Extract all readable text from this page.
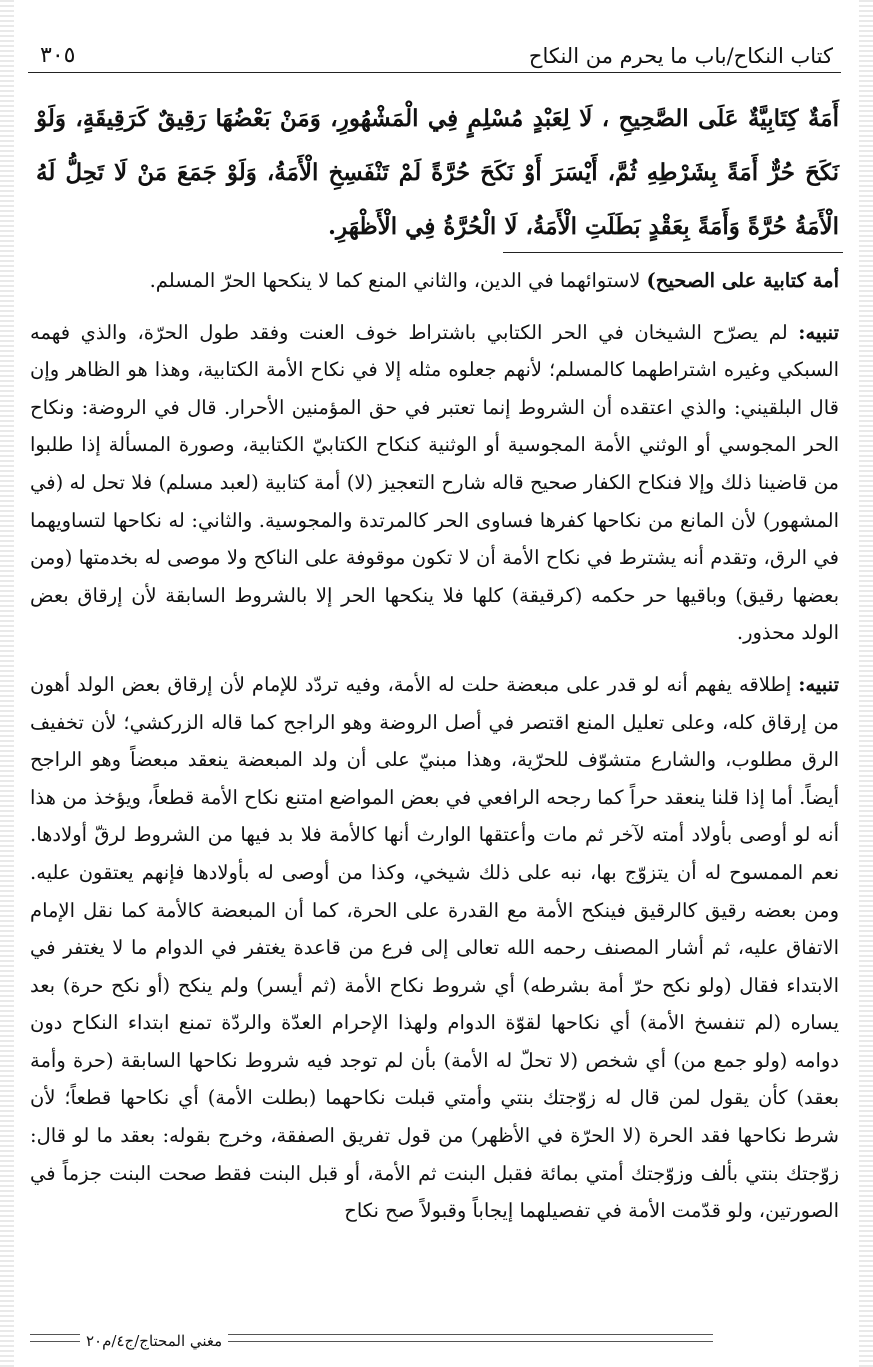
كتاب النكاح/باب ما يحرم من النكاح
٣٠٥

أَمَةٌ كِتَابِيَّةٌ عَلَى الصَّحِيحِ ، لَا لِعَبْدٍ مُسْلِمٍ فِي الْمَشْهُورِ، وَمَنْ بَعْضُهَا رَقِيقٌ كَرَقِيقَةٍ، وَلَوْ نَكَحَ حُرٌّ أَمَةً بِشَرْطِهِ ثُمَّ، أَيْسَرَ أَوْ نَكَحَ حُرَّةً لَمْ تَنْفَسِخِ الْأَمَةُ، وَلَوْ جَمَعَ مَنْ لَا تَحِلُّ لَهُ الْأَمَةُ حُرَّةً وَأَمَةً بِعَقْدٍ بَطَلَتِ الْأَمَةُ، لَا الْحُرَّةُ فِي الْأَظْهَرِ.

أمة كتابية على الصحيح) لاستوائهما في الدين، والثاني المنع كما لا ينكحها الحرّ المسلم.

تنبيه: لم يصرّح الشيخان في الحر الكتابي باشتراط خوف العنت وفقد طول الحرّة، والذي فهمه السبكي وغيره اشتراطهما كالمسلم؛ لأنهم جعلوه مثله إلا في نكاح الأمة الكتابية، وهذا هو الظاهر وإن قال البلقيني: والذي اعتقده أن الشروط إنما تعتبر في حق المؤمنين الأحرار. قال في الروضة: ونكاح الحر المجوسي أو الوثني الأمة المجوسية أو الوثنية كنكاح الكتابيّ الكتابية، وصورة المسألة إذا طلبوا من قاضينا ذلك وإلا فنكاح الكفار صحيح قاله شارح التعجيز (لا) أمة كتابية (لعبد مسلم) فلا تحل له (في المشهور) لأن المانع من نكاحها كفرها فساوى الحر كالمرتدة والمجوسية. والثاني: له نكاحها لتساويهما في الرق، وتقدم أنه يشترط في نكاح الأمة أن لا تكون موقوفة على الناكح ولا موصى له بخدمتها (ومن بعضها رقيق) وباقيها حر حكمه (كرقيقة) كلها فلا ينكحها الحر إلا بالشروط السابقة لأن إرقاق بعض الولد محذور.

تنبيه: إطلاقه يفهم أنه لو قدر على مبعضة حلت له الأمة، وفيه تردّد للإمام لأن إرقاق بعض الولد أهون من إرقاق كله، وعلى تعليل المنع اقتصر في أصل الروضة وهو الراجح كما قاله الزركشي؛ لأن تخفيف الرق مطلوب، والشارع متشوّف للحرّية، وهذا مبنيّ على أن ولد المبعضة ينعقد مبعضاً وهو الراجح أيضاً. أما إذا قلنا ينعقد حراً كما رجحه الرافعي في بعض المواضع امتنع نكاح الأمة قطعاً، ويؤخذ من هذا أنه لو أوصى بأولاد أمته لآخر ثم مات وأعتقها الوارث أنها كالأمة فلا بد فيها من الشروط لرقّ أولادها. نعم الممسوح له أن يتزوّج بها، نبه على ذلك شيخي، وكذا من أوصى له بأولادها فإنهم يعتقون عليه. ومن بعضه رقيق كالرقيق فينكح الأمة مع القدرة على الحرة، كما أن المبعضة كالأمة كما نقل الإمام الاتفاق عليه، ثم أشار المصنف رحمه الله تعالى إلى فرع من قاعدة يغتفر في الدوام ما لا يغتفر في الابتداء فقال (ولو نكح حرّ أمة بشرطه) أي شروط نكاح الأمة (ثم أيسر) ولم ينكح (أو نكح حرة) بعد يساره (لم تنفسخ الأمة) أي نكاحها لقوّة الدوام ولهذا الإحرام العدّة والردّة تمنع ابتداء النكاح دون دوامه (ولو جمع من) أي شخص (لا تحلّ له الأمة) بأن لم توجد فيه شروط نكاحها السابقة (حرة وأمة بعقد) كأن يقول لمن قال له زوّجتك بنتي وأمتي قبلت نكاحهما (بطلت الأمة) أي نكاحها قطعاً؛ لأن شرط نكاحها فقد الحرة (لا الحرّة في الأظهر) من قول تفريق الصفقة، وخرج بقوله: بعقد ما لو قال: زوّجتك بنتي بألف وزوّجتك أمتي بمائة فقبل البنت ثم الأمة، أو قبل البنت فقط صحت البنت جزماً في الصورتين، ولو قدّمت الأمة في تفصيلهما إيجاباً وقبولاً صح نكاح

مغني المحتاج/ج٤/م٢٠
